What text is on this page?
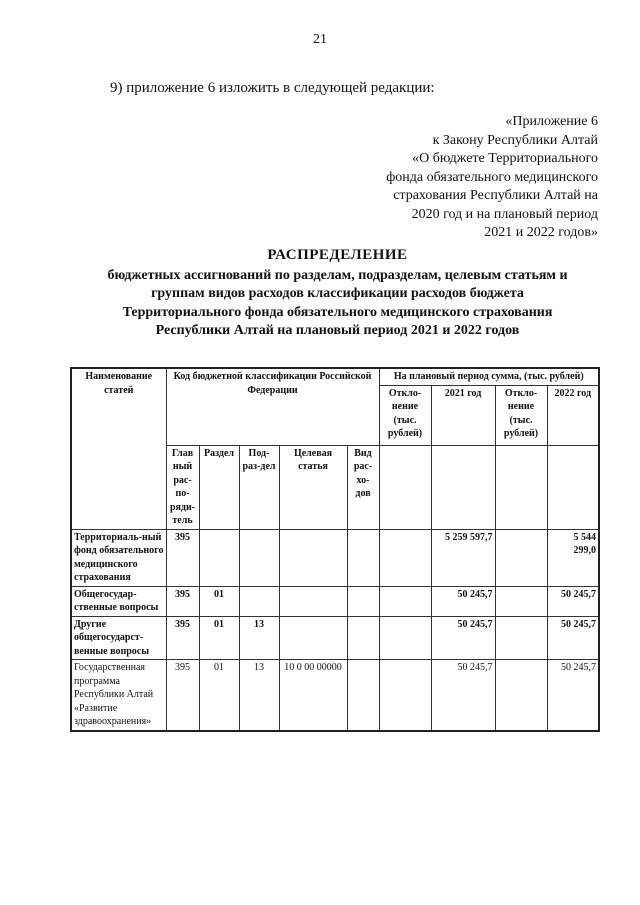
21
9) приложение 6 изложить в следующей редакции:
«Приложение 6
к Закону Республики Алтай
«О бюджете Территориального
фонда обязательного медицинского
страхования Республики Алтай на
2020 год и на плановый период
2021 и 2022 годов»
РАСПРЕДЕЛЕНИЕ
бюджетных ассигнований по разделам, подразделам, целевым статьям и
группам видов расходов классификации расходов бюджета
Территориального фонда обязательного медицинского страхования
Республики Алтай на плановый период 2021 и 2022 годов
Наименование статей	Код бюджетной классификации Российской Федерации					На плановый период сумма, (тыс. рублей)			
						Откло-нение (тыс. рублей)	2021 год	Откло-нение (тыс. рублей)	2022 год
	Глав ный рас-по-ряди-тель	Раздел	Под-раз-дел	Целевая статья	Вид рас-хо-дов				
Территориаль-ный фонд обязательного медицинского страхования	395						5 259 597,7		5 544 299,0
Общегосудар-ственные вопросы	395	01					50 245,7		50 245,7
Другие общегосударст-венные вопросы	395	01	13				50 245,7		50 245,7
Государственная программа Республики Алтай «Развитие здравоохранения»	395	01	13	10 0 00 00000			50 245,7		50 245,7
